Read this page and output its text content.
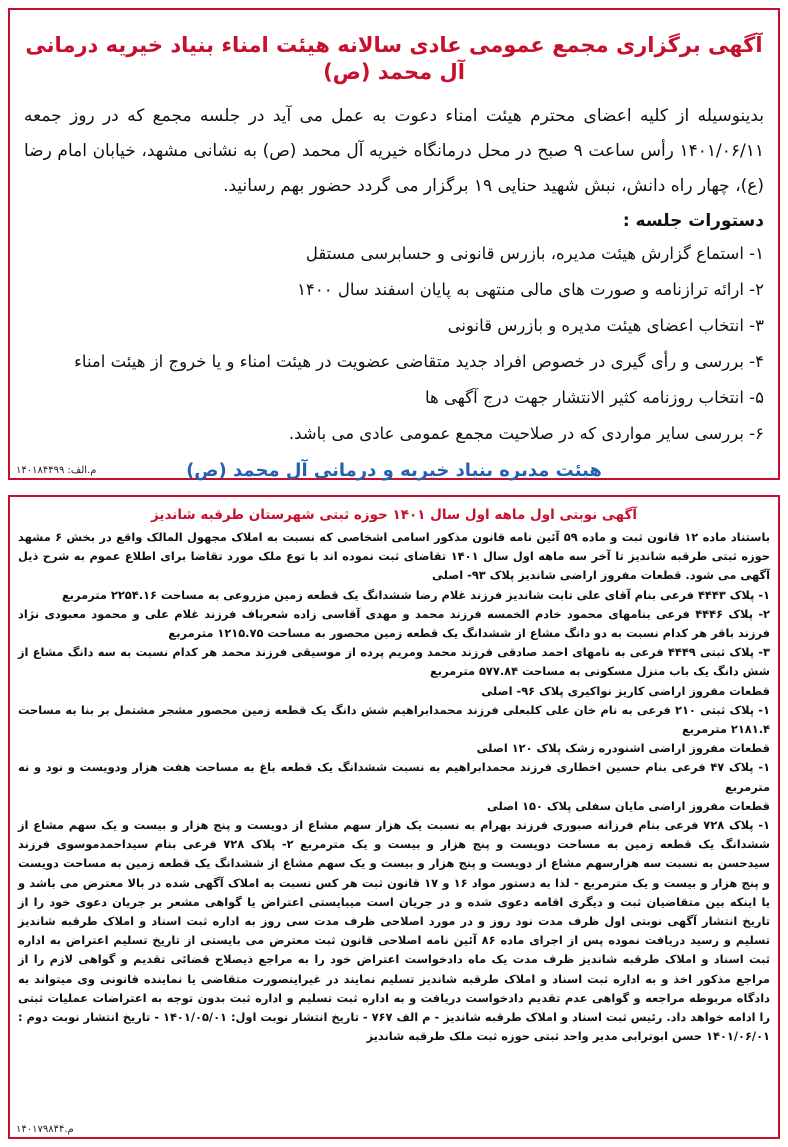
آگهی برگزاری مجمع عمومی عادی سالانه هیئت امناء بنیاد خیریه درمانی آل محمد (ص)

بدینوسیله از کلیه اعضای محترم هیئت امناء دعوت به عمل می آید در جلسه مجمع که در روز جمعه ۱۴۰۱/۰۶/۱۱ رأس ساعت ۹ صبح در محل درمانگاه خیریه آل محمد (ص) به نشانی مشهد، خیابان امام رضا (ع)، چهار راه دانش، نبش شهید حنایی ۱۹ برگزار می گردد حضور بهم رسانید.

دستورات جلسه :
۱- استماع گزارش هیئت مدیره، بازرس قانونی و حسابرسی مستقل
۲- ارائه ترازنامه و صورت های مالی منتهی به پایان اسفند سال ۱۴۰۰
۳- انتخاب اعضای هیئت مدیره و بازرس قانونی
۴- بررسی و رأی گیری در خصوص افراد جدید متقاضی عضویت در هیئت امناء و یا خروج از هیئت امناء
۵- انتخاب روزنامه کثیر الانتشار جهت درج آگهی ها
۶- بررسی سایر مواردی که در صلاحیت مجمع عمومی عادی می باشد.
هیئت مدیره بنیاد خیریه و درمانی آل محمد (ص)
م.الف: ۱۴۰۱۸۴۴۹۹
آگهی نوبتی اول ماهه اول سال ۱۴۰۱ حوزه ثبتی شهرستان طرقبه شاندیز

باستناد ماده ۱۲ قانون ثبت و ماده ۵۹ آئین نامه قانون مذکور اسامی اشخاصی که نسبت به املاک مجهول المالک واقع در بخش ۶ مشهد حوزه ثبتی طرقبه شاندیز تا آخر سه ماهه اول سال ۱۴۰۱ تقاضای ثبت نموده اند با توع ملک مورد تقاضا برای اطلاع عموم به شرح ذیل آگهی می شود. قطعات مفروز اراضی شاندیز پلاک ۹۳- اصلی

۱- پلاک ۴۴۴۳ فرعی بنام آقای علی تابت شاندیز فرزند غلام رضا ششدانگ یک قطعه زمین مزروعی به مساحت ۲۲۵۴.۱۶ مترمربع

۲- پلاک ۴۴۴۶ فرعی بنامهای محمود خادم الخمسه فرزند محمد و مهدی آقاسی زاده شعرباف فرزند غلام علی و محمود معبودی نژاد فرزند باقر هر کدام نسبت به دو دانگ مشاع از ششدانگ یک قطعه زمین محصور به مساحت ۱۲۱۵.۷۵ مترمربع

۳- پلاک ثبتی ۴۴۴۹ فرعی به نامهای احمد صادقی فرزند محمد ومریم پرده از موسیقی فرزند محمد هر کدام نسبت به سه دانگ مشاع از شش دانگ یک باب منزل مسکونی به مساحت ۵۷۷.۸۴ مترمربع

قطعات مفروز اراضی کاریز نواکیری پلاک ۹۶- اصلی

۱- پلاک ثبتی ۲۱۰ فرعی به نام خان علی کلبعلی فرزند محمدابراهیم شش دانگ یک قطعه زمین محصور مشجر مشتمل بر بنا به مساحت ۲۱۸۱.۴ مترمربع

قطعات مفروز اراضی اشنودره زشک پلاک ۱۲۰ اصلی

۱- پلاک ۴۷ فرعی بنام حسین اخطاری فرزند محمدابراهیم به نسبت ششدانگ یک قطعه باغ به مساحت هفت هزار ودویست و نود و نه مترمربع

قطعات مفروز اراضی مایان سفلی پلاک ۱۵۰ اصلی

۱- پلاک ۷۲۸ فرعی بنام فرزانه صبوری فرزند بهرام به نسبت یک هزار سهم مشاع از دویست و پنج هزار و بیست و یک سهم مشاع از ششدانگ یک قطعه زمین به مساحت دویست و پنج هزار و بیست و یک مترمربع ۲- پلاک ۷۲۸ فرعی بنام سیداحمدموسوی فرزند سیدحسن به نسبت سه هزارسهم مشاع از دویست و پنج هزار و بیست و یک سهم مشاع از ششدانگ یک قطعه زمین به مساحت دویست و پنج هزار و بیست و یک مترمربع - لذا به دستور مواد ۱۶ و ۱۷ قانون ثبت هر کس نسبت به املاک آگهی شده در بالا معترض می باشد و یا اینکه بین متقاضیان ثبت و دیگری اقامه دعوی شده و در جریان است میبایستی اعتراض یا گواهی مشعر بر جریان دعوی خود را از تاریخ انتشار آگهی نوبتی اول ظرف مدت نود روز و در مورد اصلاحی ظرف مدت سی روز به اداره ثبت اسناد و املاک طرقبه شاندیز تسلیم و رسید دریافت نموده پس از اجرای ماده ۸۶ آئین نامه اصلاحی قانون ثبت معترض می بایستی از تاریخ تسلیم اعتراض به اداره ثبت اسناد و املاک طرقبه شاندیز ظرف مدت یک ماه دادخواست اعتراض خود را به مراجع ذیصلاح قضائی تقدیم و گواهی لازم را از مراجع مذکور اخذ و به اداره ثبت اسناد و املاک طرقبه شاندیز تسلیم نمایند در غیراینصورت متقاضی یا نماینده قانونی وی میتواند به دادگاه مربوطه مراجعه و گواهی عدم تقدیم دادخواست دریافت و به اداره ثبت تسلیم و اداره ثبت بدون توجه به اعتراضات عملیات ثبتی را ادامه خواهد داد. رئیس ثبت اسناد و املاک طرقبه شاندیز - م الف ۷۶۷ - تاریخ انتشار نوبت اول: ۱۴۰۱/۰۵/۰۱ - تاریخ انتشار نوبت دوم : ۱۴۰۱/۰۶/۰۱ حسن ابوترابی مدیر واحد ثبتی حوزه ثبت ملک طرقبه شاندیز

م.۱۴۰۱۷۹۸۴۴
